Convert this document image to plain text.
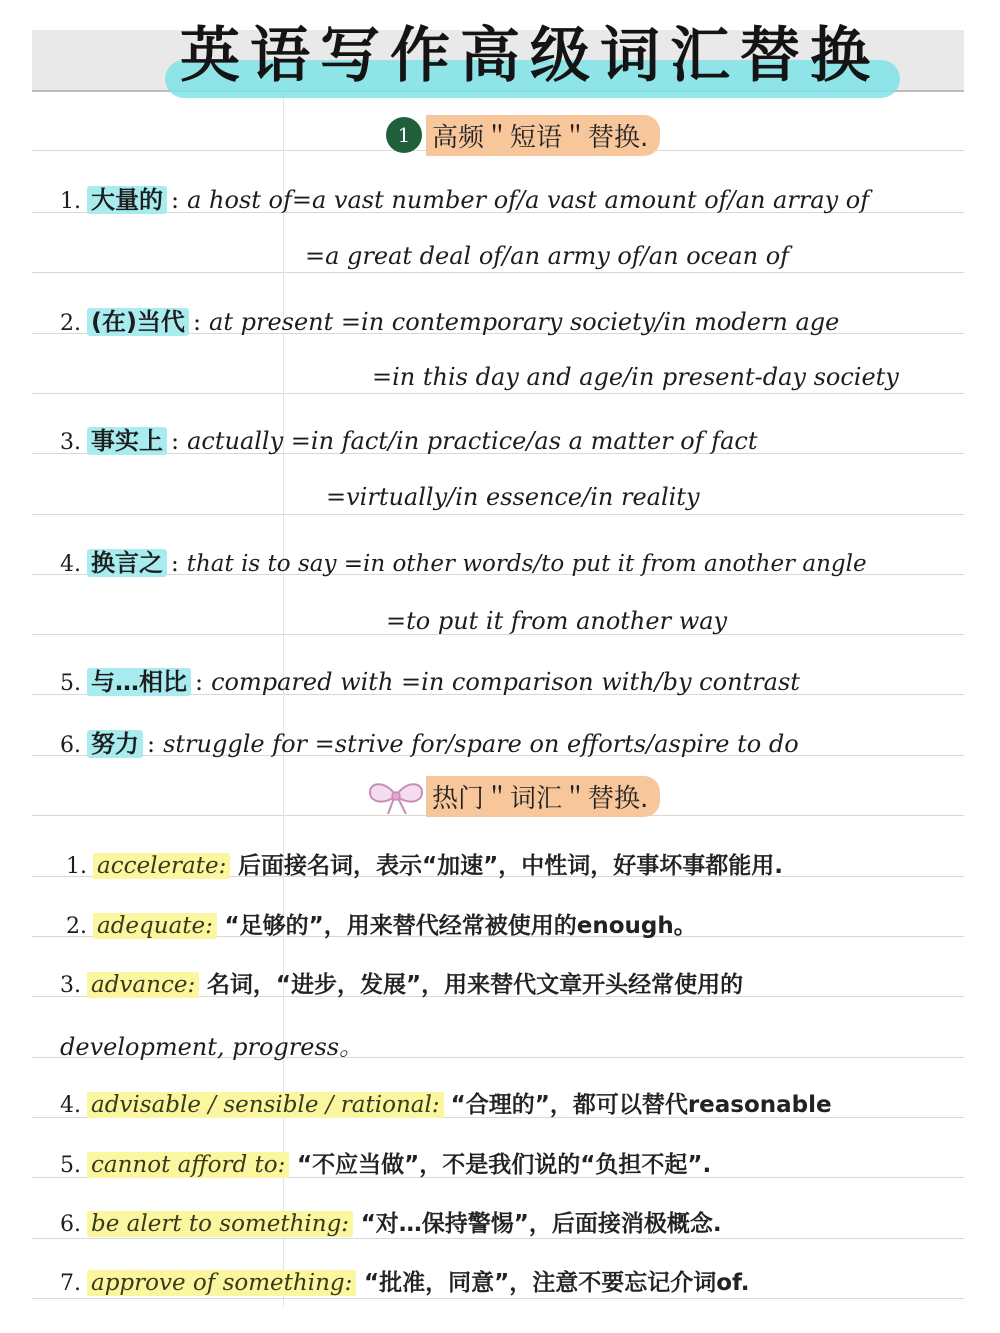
英语写作高级词汇替换
1 高频＂短语＂替换.
1. 大量的 : a host of=a vast number of/a vast amount of/an array of
=a great deal of/an army of/an ocean of
2. (在)当代 : at present =in contemporary society/in modern age
=in this day and age/in present-day society
3. 事实上 : actually =in fact/in practice/as a matter of fact
=virtually/in essence/in reality
4. 换言之 : that is to say =in other words/to put it from another angle
=to put it from another way
5. 与…相比 : compared with =in comparison with/by contrast
6. 努力 : struggle for =strive for/spare on efforts/aspire to do
热门＂词汇＂替换.
1. accelerate: 后面接名词，表示“加速”，中性词，好事坏事都能用.
2. adequate: “足够的”，用来替代经常被使用的enough。
3. advance: 名词，“进步，发展”，用来替代文章开头经常使用的
development, progress。
4. advisable / sensible / rational: “合理的”，都可以替代reasonable
5. cannot afford to: “不应当做”，不是我们说的“负担不起”.
6. be alert to something: “对…保持警惕”，后面接消极概念.
7. approve of something: “批准，同意”，注意不要忘记介词of.
